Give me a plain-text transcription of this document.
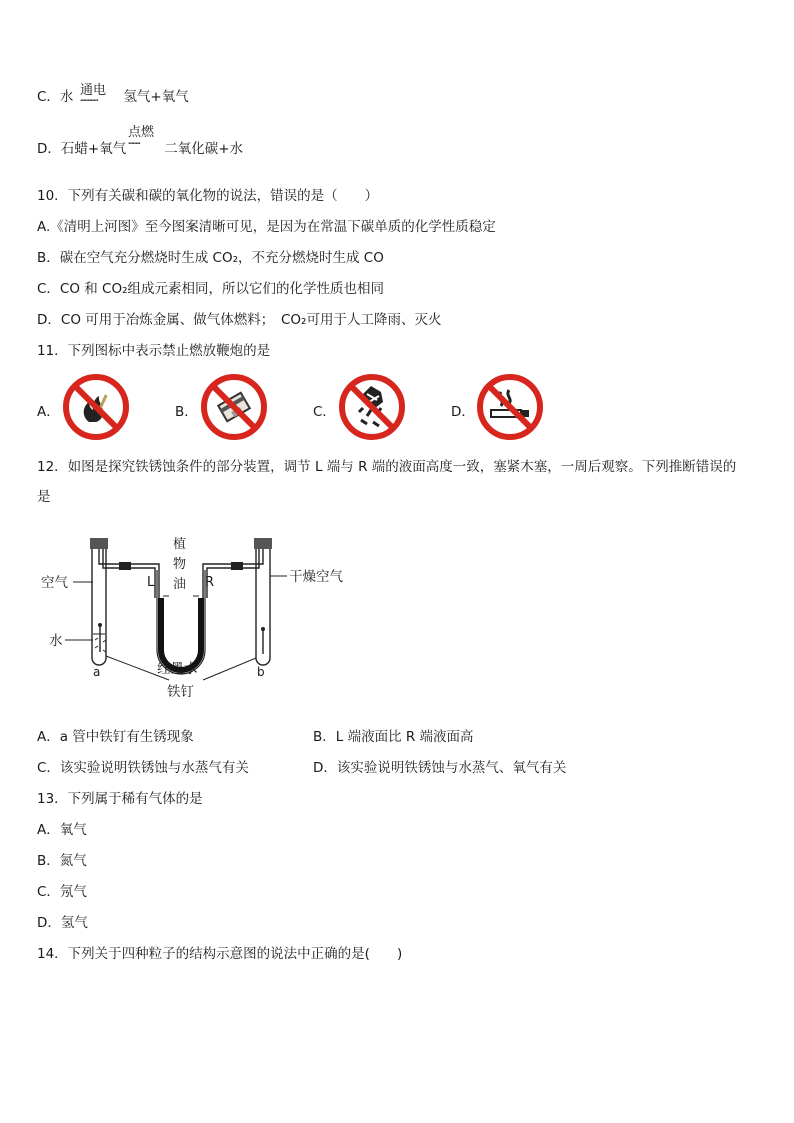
C．水	氢气+氧气
通电
ꞏꞏꞏꞏꞏꞏꞏꞏꞏꞏꞏꞏ
D．石蜡+氧气	二氧化碳+水
点燃
ꞏꞏꞏꞏꞏꞏꞏꞏ
10．下列有关碳和碳的氧化物的说法，错误的是（　　）
A.《清明上河图》至今图案清晰可见，是因为在常温下碳单质的化学性质稳定
B．碳在空气充分燃烧时生成 CO₂，不充分燃烧时生成 CO
C．CO 和 CO₂组成元素相同，所以它们的化学性质也相同
D．CO 可用于冶炼金属、做气体燃料；　CO₂可用于人工降雨、灭火
11．下列图标中表示禁止燃放鞭炮的是
A．	B．	C．	D．
12．如图是探究铁锈蚀条件的部分装置，调节 L 端与 R 端的液面高度一致，塞紧木塞，一周后观察。下列推断错误的
是
植
物
油
空气	干燥空气
水
L	R
红墨水
铁钉
a	b
A．a 管中铁钉有生锈现象	B．L 端液面比 R 端液面高
C．该实验说明铁锈蚀与水蒸气有关	D．该实验说明铁锈蚀与水蒸气、氧气有关
13．下列属于稀有气体的是
A．氧气
B．氮气
C．氖气
D．氢气
14．下列关于四种粒子的结构示意图的说法中正确的是(　　)
